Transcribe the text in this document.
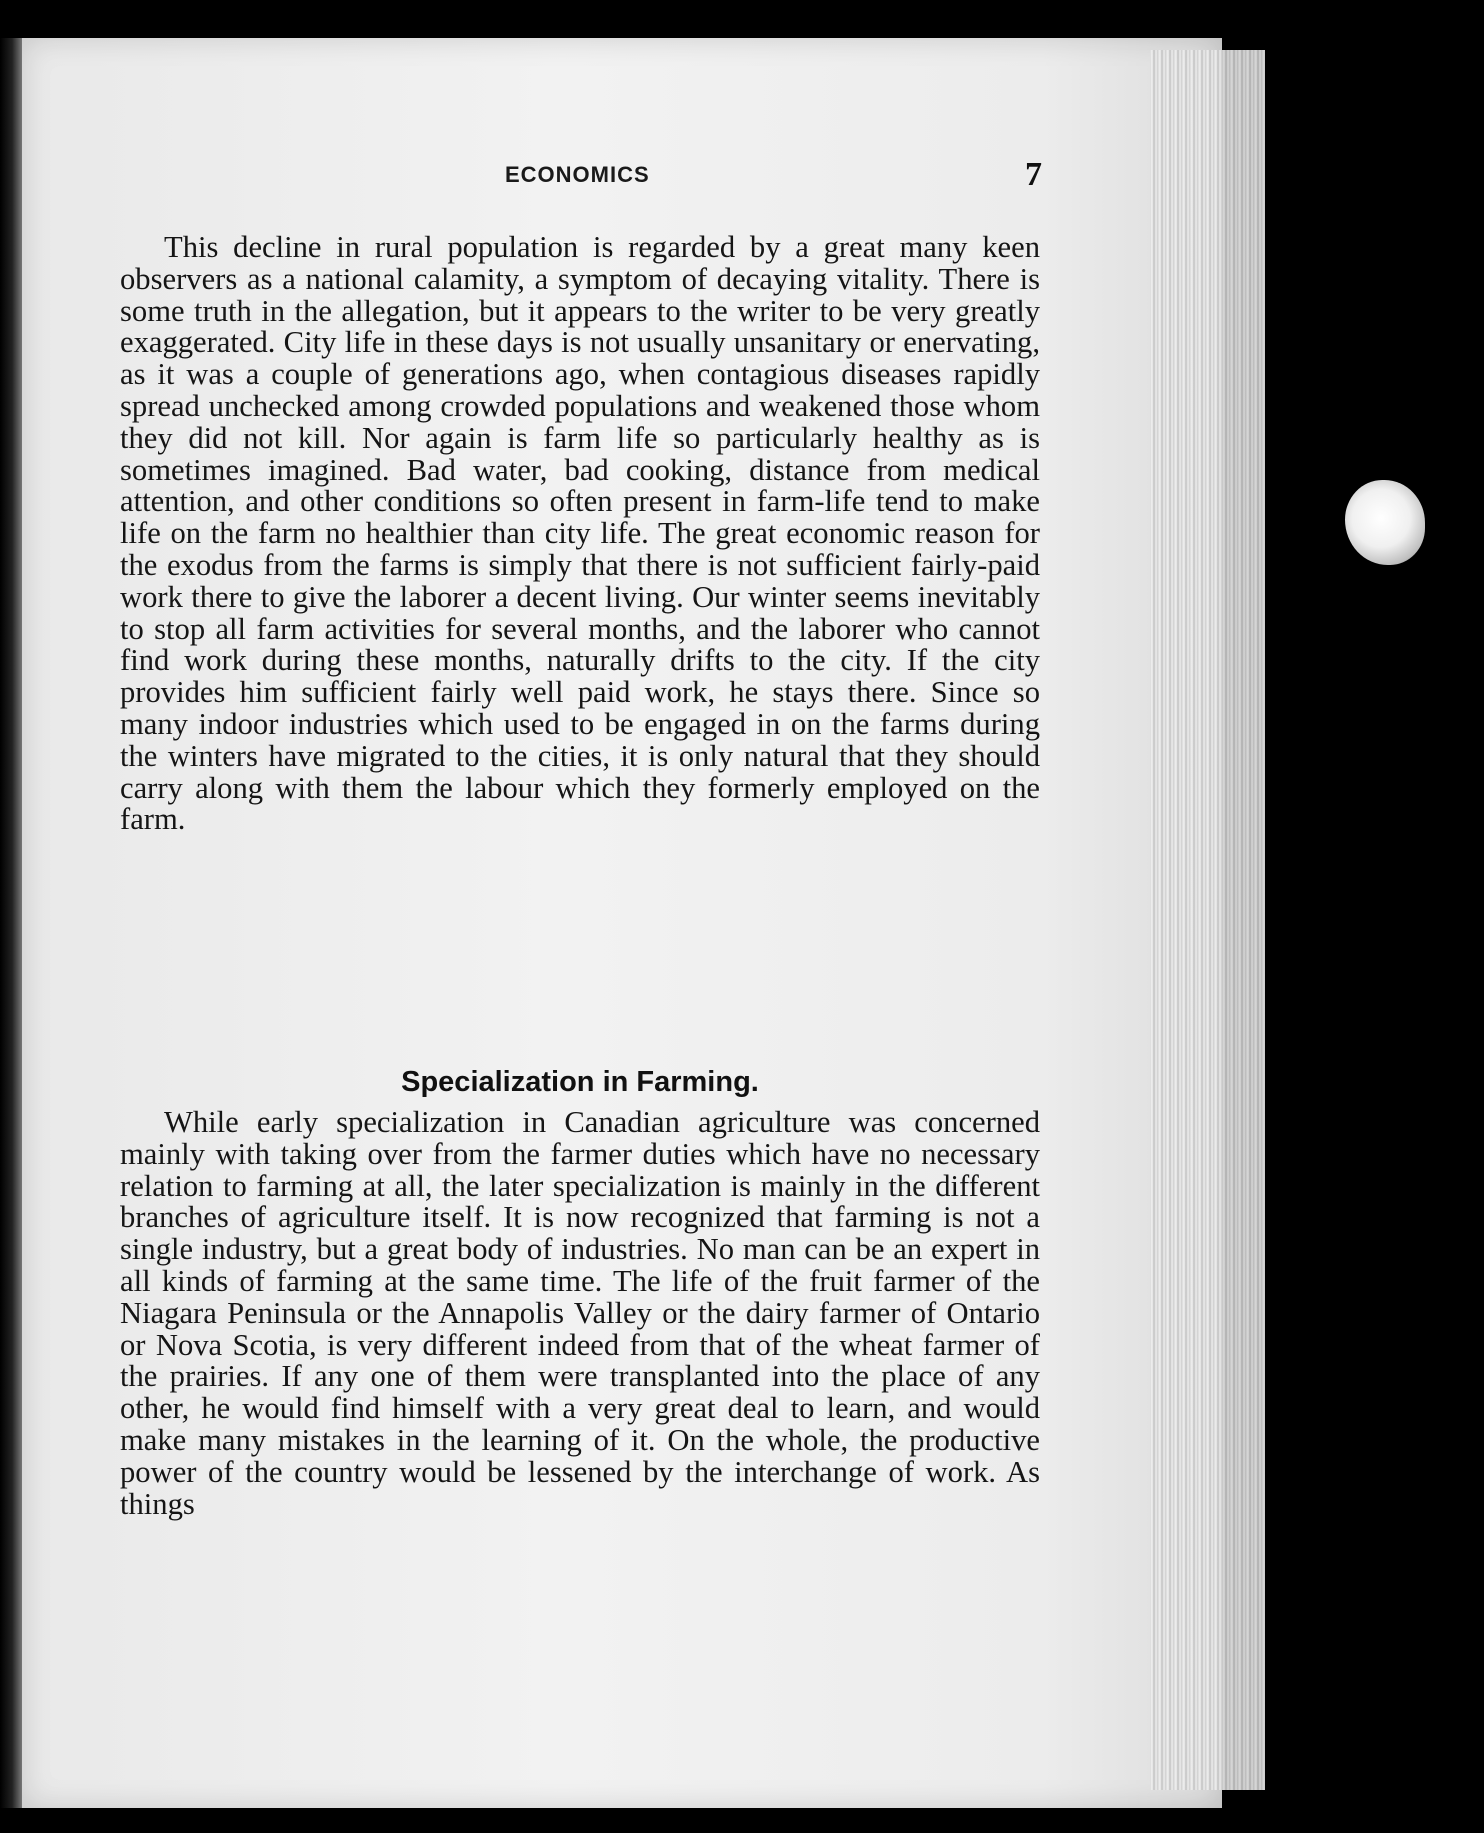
ECONOMICS	7

This decline in rural population is regarded by a great many keen observers as a national calamity, a symptom of decaying vitality. There is some truth in the allegation, but it appears to the writer to be very greatly exaggerated. City life in these days is not usually unsanitary or enervating, as it was a couple of generations ago, when contagious diseases rapidly spread unchecked among crowded populations and weakened those whom they did not kill. Nor again is farm life so particularly healthy as is sometimes imagined. Bad water, bad cooking, distance from medical attention, and other conditions so often present in farm-life tend to make life on the farm no healthier than city life. The great economic reason for the exodus from the farms is simply that there is not sufficient fairly-paid work there to give the laborer a decent living. Our winter seems inevitably to stop all farm activities for several months, and the laborer who cannot find work during these months, naturally drifts to the city. If the city provides him sufficient fairly well paid work, he stays there. Since so many indoor industries which used to be engaged in on the farms during the winters have migrated to the cities, it is only natural that they should carry along with them the labour which they formerly employed on the farm.

Specialization in Farming.

While early specialization in Canadian agriculture was concerned mainly with taking over from the farmer duties which have no necessary relation to farming at all, the later specialization is mainly in the different branches of agriculture itself. It is now recognized that farming is not a single industry, but a great body of industries. No man can be an expert in all kinds of farming at the same time. The life of the fruit farmer of the Niagara Peninsula or the Annapolis Valley or the dairy farmer of Ontario or Nova Scotia, is very different indeed from that of the wheat farmer of the prairies. If any one of them were transplanted into the place of any other, he would find himself with a very great deal to learn, and would make many mistakes in the learning of it. On the whole, the productive power of the country would be lessened by the interchange of work. As things
